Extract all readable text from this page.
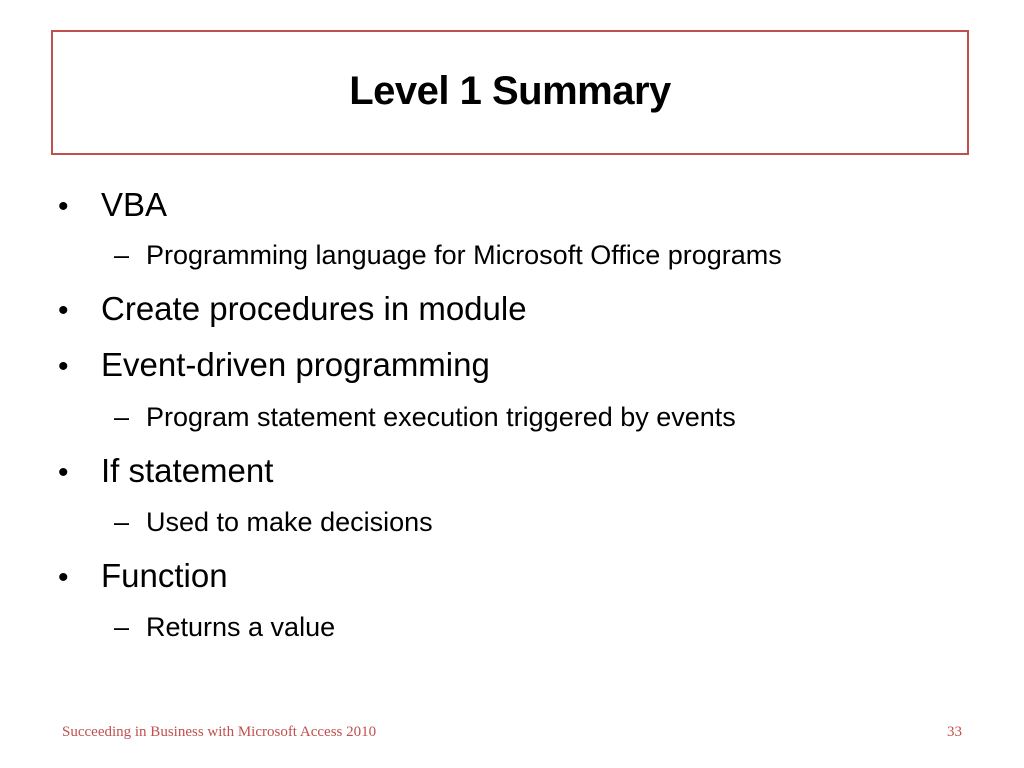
Level 1 Summary
• VBA
– Programming language for Microsoft Office programs
• Create procedures in module
• Event-driven programming
– Program statement execution triggered by events
• If statement
– Used to make decisions
• Function
– Returns a value
Succeeding in Business with Microsoft Access 2010	33
